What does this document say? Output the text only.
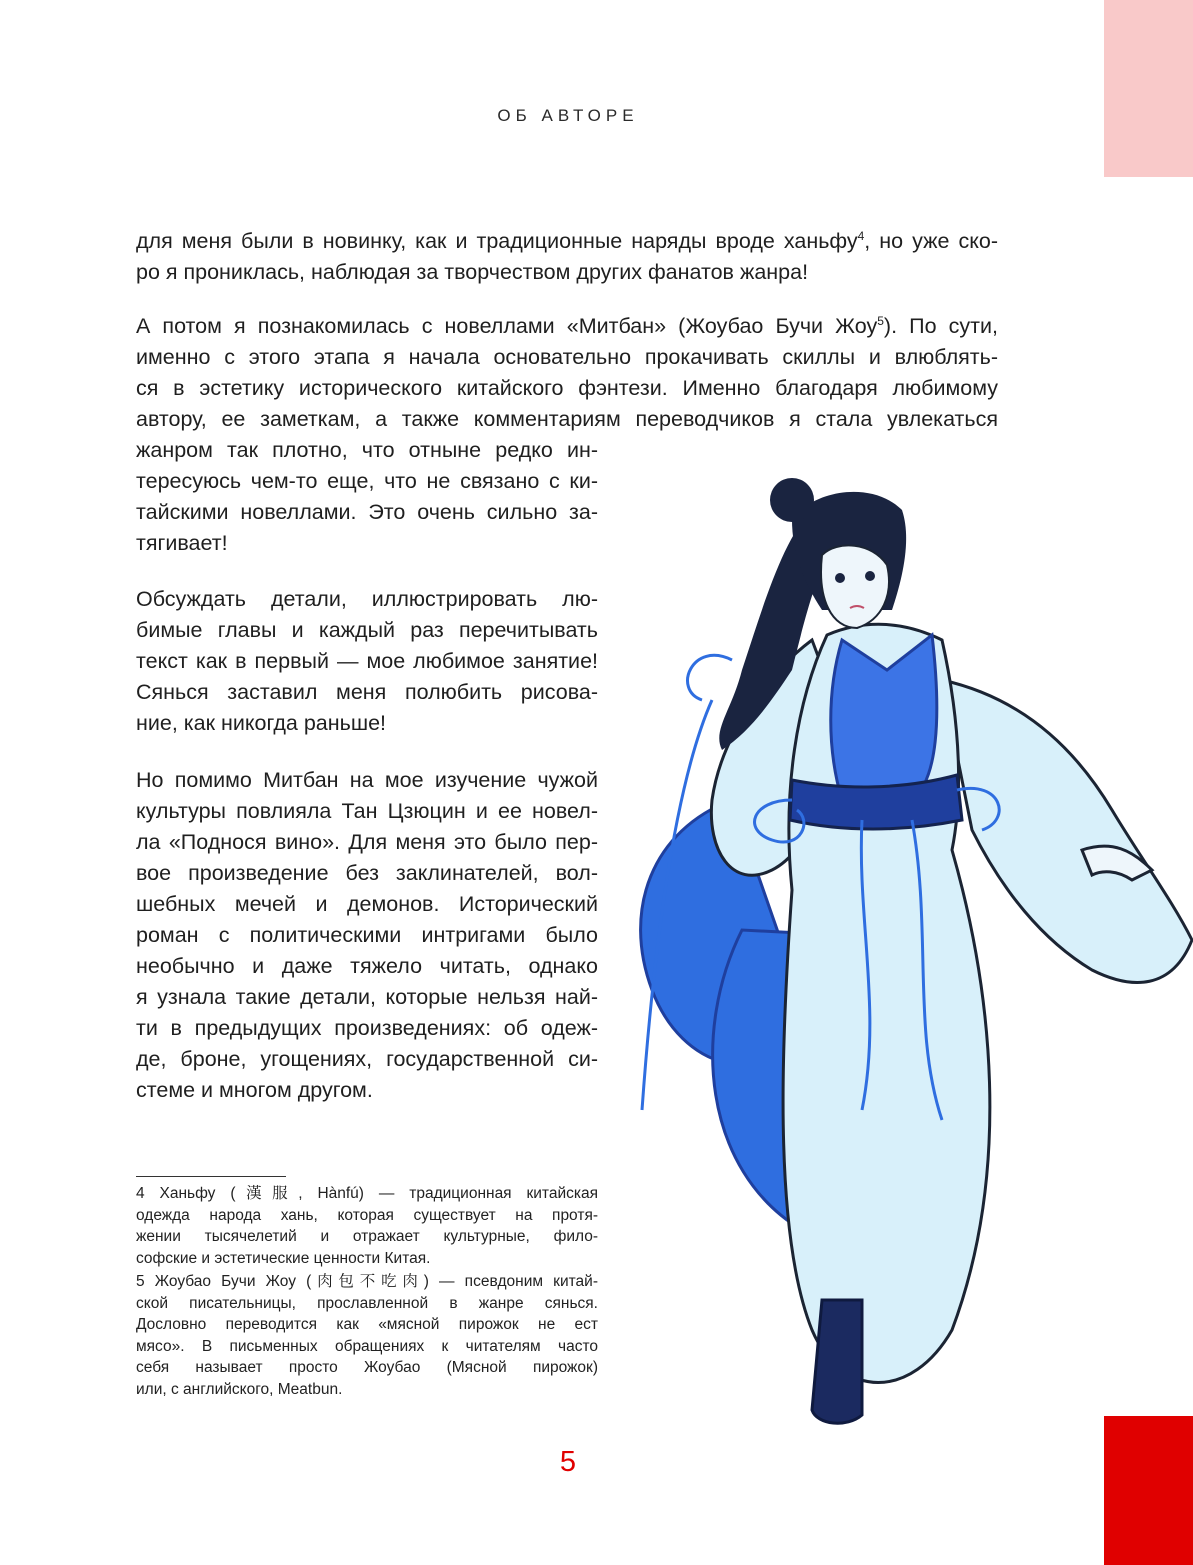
ОБ АВТОРЕ

для меня были в новинку, как и традиционные наряды вроде ханьфу$^4$, но уже ско-
ро я прониклась, наблюдая за творчеством других фанатов жанра!

А потом я познакомилась с новеллами «Митбан» (Жоубао Бучи Жоу$^5$). По сути,
именно с этого этапа я начала основательно прокачивать скиллы и влюблять-
ся в эстетику исторического китайского фэнтези. Именно благодаря любимому
автору, ее заметкам, а также комментариям переводчиков я стала увлекаться

жанром так плотно, что отныне редко ин-
тересуюсь чем-то еще, что не связано с ки-
тайскими новеллами. Это очень сильно за-
тягивает!

Обсуждать детали, иллюстрировать лю-
бимые главы и каждый раз перечитывать
текст как в первый — мое любимое занятие!
Сянься заставил меня полюбить рисова-
ние, как никогда раньше!

Но помимо Митбан на мое изучение чужой
культуры повлияла Тан Цзюцин и ее новел-
ла «Поднося вино». Для меня это было пер-
вое произведение без заклинателей, вол-
шебных мечей и демонов. Исторический
роман с политическими интригами было
необычно и даже тяжело читать, однако
я узнала такие детали, которые нельзя най-
ти в предыдущих произведениях: об одеж-
де, броне, угощениях, государственной си-
стеме и многом другом.

4 Ханьфу (漢服, Hànfú) — традиционная китайская
одежда народа хань, которая существует на протя-
жении тысячелетий и отражает культурные, фило-
софские и эстетические ценности Китая.

5 Жоубао Бучи Жоу (肉包不吃肉) — псевдоним китай-
ской писательницы, прославленной в жанре сянься.
Дословно переводится как «мясной пирожок не ест
мясо». В письменных обращениях к читателям часто
себя называет просто Жоубао (Мясной пирожок)
или, с английского, Meatbun.

5
